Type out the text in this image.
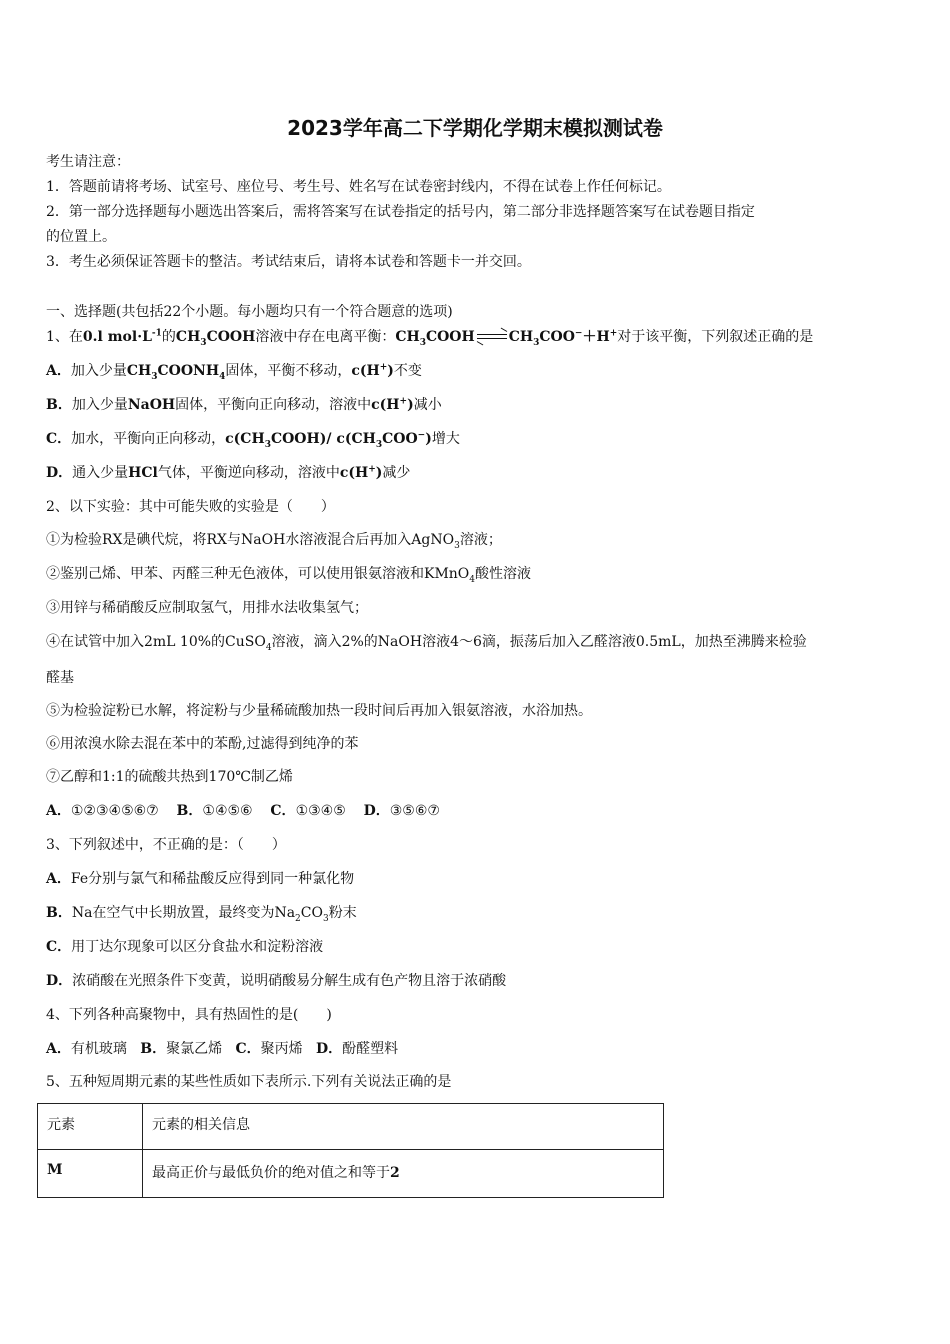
2023学年高二下学期化学期末模拟测试卷
考生请注意：
1．答题前请将考场、试室号、座位号、考生号、姓名写在试卷密封线内，不得在试卷上作任何标记。
2．第一部分选择题每小题选出答案后，需将答案写在试卷指定的括号内，第二部分非选择题答案写在试卷题目指定
的位置上。
3．考生必须保证答题卡的整洁。考试结束后，请将本试卷和答题卡一并交回。
一、选择题(共包括22个小题。每小题均只有一个符合题意的选项)
1、在0.l $mol\cdot L^{-1}$的$CH_3COOH$溶液中存在电离平衡：$CH_3COOH\rightleftharpoons CH_3COO^-+H^+$对于该平衡，下列叙述正确的是
A．加入少量$CH_3COONH_4$固体，平衡不移动，c(H+)不变
B．加入少量NaOH固体，平衡向正向移动，溶液中c(H+)减小
C．加水，平衡向正向移动，$c(CH_3COOH)/$ $c(CH_3COO^-)$增大
D．通入少量HCl气体，平衡逆向移动，溶液中c(H+)减少
2、以下实验：其中可能失败的实验是（　　）
①为检验RX是碘代烷，将RX与NaOH水溶液混合后再加入AgNO$_3$溶液；
②鉴别己烯、甲苯、丙醛三种无色液体，可以使用银氨溶液和KMnO$_4$酸性溶液
③用锌与稀硝酸反应制取氢气，用排水法收集氢气；
④在试管中加入2mL 10%的CuSO$_4$溶液，滴入2%的NaOH溶液4～6滴，振荡后加入乙醛溶液0.5mL，加热至沸腾来检验
醛基
⑤为检验淀粉已水解，将淀粉与少量稀硫酸加热一段时间后再加入银氨溶液，水浴加热。
⑥用浓溴水除去混在苯中的苯酚,过滤得到纯净的苯
⑦乙醇和1:1的硫酸共热到170℃制乙烯
A．①②③④⑤⑥⑦ B．①④⑤⑥ C．①③④⑤ D．③⑤⑥⑦
3、下列叙述中，不正确的是：（　　）
A．Fe分别与氯气和稀盐酸反应得到同一种氯化物
B．Na在空气中长期放置，最终变为$Na_2CO_3$粉末
C．用丁达尔现象可以区分食盐水和淀粉溶液
D．浓硝酸在光照条件下变黄，说明硝酸易分解生成有色产物且溶于浓硝酸
4、下列各种高聚物中，具有热固性的是(　　)
A．有机玻璃 B．聚氯乙烯 C．聚丙烯 D．酚醛塑料
5、五种短周期元素的某些性质如下表所示.下列有关说法正确的是
元素	元素的相关信息
M	最高正价与最低负价的绝对值之和等于2
